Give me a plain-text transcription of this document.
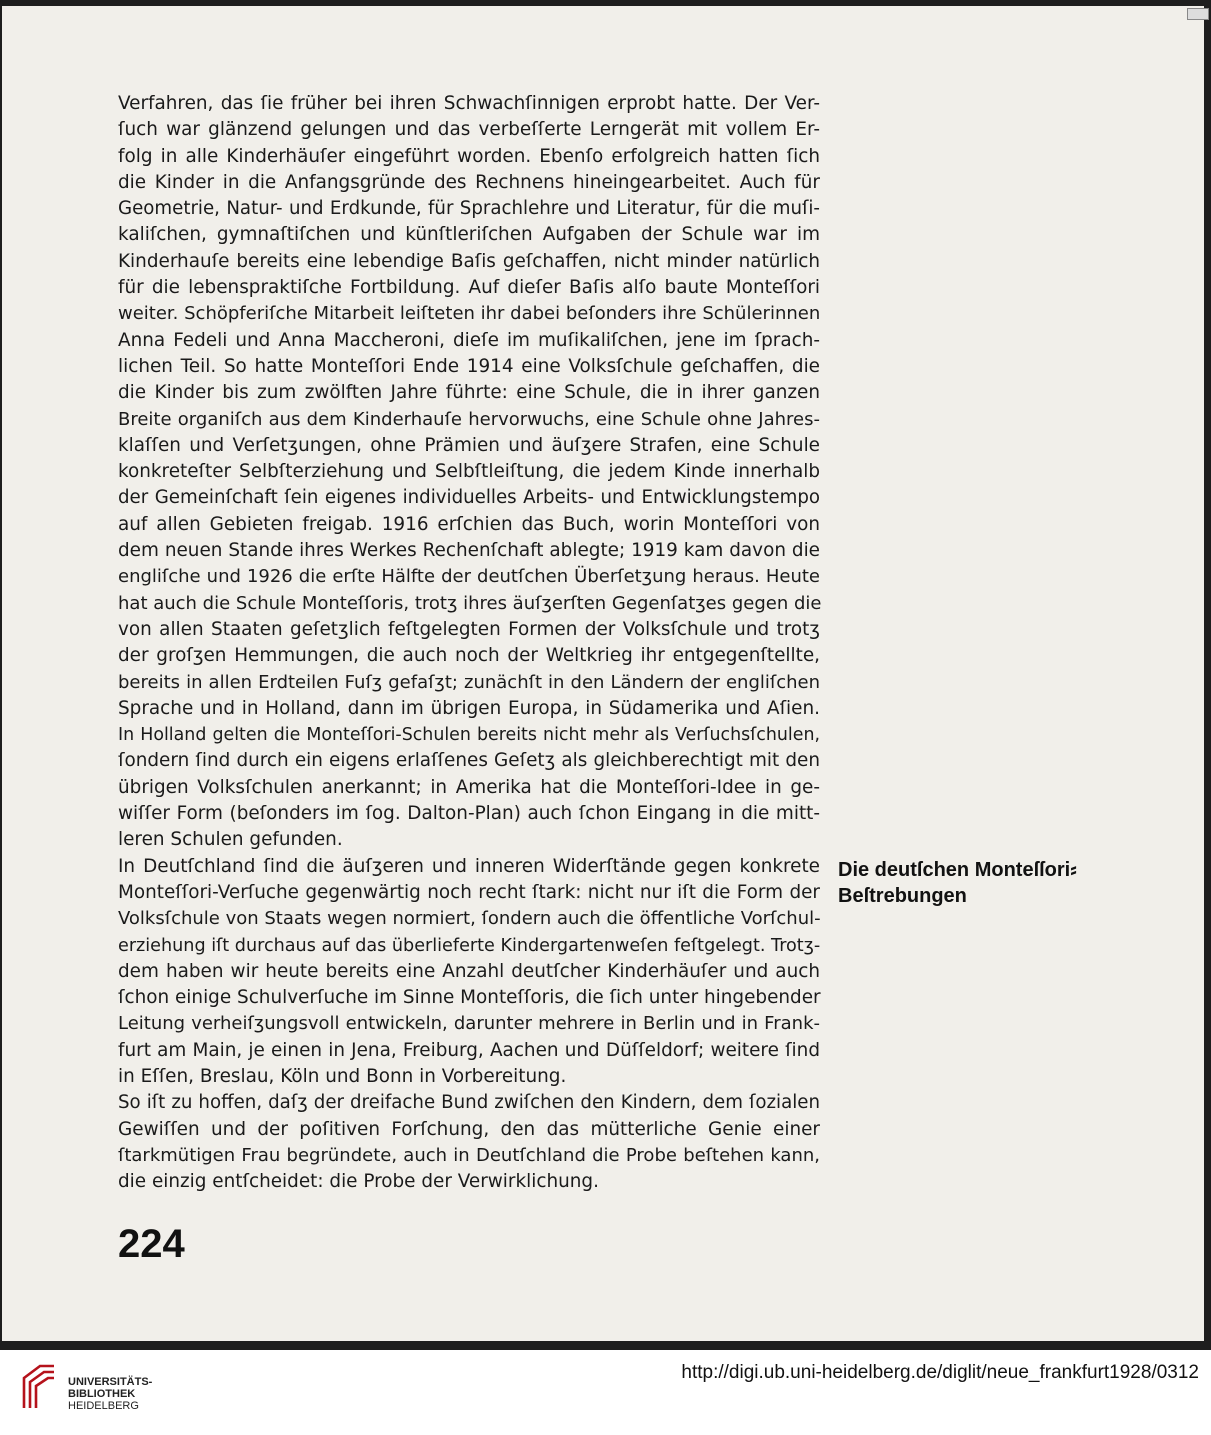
Verfahren, das ſie früher bei ihren Schwachſinnigen erprobt hatte. Der Ver-
ſuch war glänzend gelungen und das verbeſſerte Lerngerät mit vollem Er-
folg in alle Kinderhäuſer eingeführt worden. Ebenſo erfolgreich hatten ſich
die Kinder in die Anfangsgründe des Rechnens hineingearbeitet. Auch für
Geometrie, Natur- und Erdkunde, für Sprachlehre und Literatur, für die muſi-
kaliſchen, gymnaſtiſchen und künſtleriſchen Aufgaben der Schule war im
Kinderhauſe bereits eine lebendige Baſis geſchaffen, nicht minder natürlich
für die lebenspraktiſche Fortbildung. Auf dieſer Baſis alſo baute Monteſſori
weiter. Schöpferiſche Mitarbeit leiſteten ihr dabei beſonders ihre Schülerinnen
Anna Fedeli und Anna Maccheroni, dieſe im muſikaliſchen, jene im ſprach-
lichen Teil. So hatte Monteſſori Ende 1914 eine Volksſchule geſchaffen, die
die Kinder bis zum zwölften Jahre führte: eine Schule, die in ihrer ganzen
Breite organiſch aus dem Kinderhauſe hervorwuchs, eine Schule ohne Jahres-
klaſſen und Verſetʒungen, ohne Prämien und äuſʒere Strafen, eine Schule
konkreteſter Selbſterziehung und Selbſtleiſtung, die jedem Kinde innerhalb
der Gemeinſchaft ſein eigenes individuelles Arbeits- und Entwicklungstempo
auf allen Gebieten freigab. 1916 erſchien das Buch, worin Monteſſori von
dem neuen Stande ihres Werkes Rechenſchaft ablegte; 1919 kam davon die
engliſche und 1926 die erſte Hälfte der deutſchen Überſetʒung heraus. Heute
hat auch die Schule Monteſſoris, trotʒ ihres äuſʒerſten Gegenſatʒes gegen die
von allen Staaten geſetʒlich feſtgelegten Formen der Volksſchule und trotʒ
der groſʒen Hemmungen, die auch noch der Weltkrieg ihr entgegenſtellte,
bereits in allen Erdteilen Fuſʒ gefaſʒt; zunächſt in den Ländern der engliſchen
Sprache und in Holland, dann im übrigen Europa, in Südamerika und Aſien.
In Holland gelten die Monteſſori-Schulen bereits nicht mehr als Verſuchsſchulen,
ſondern ſind durch ein eigens erlaſſenes Geſetʒ als gleichberechtigt mit den
übrigen Volksſchulen anerkannt; in Amerika hat die Monteſſori-Idee in ge-
wiſſer Form (beſonders im ſog. Dalton-Plan) auch ſchon Eingang in die mitt-
leren Schulen gefunden.
In Deutſchland ſind die äuſʒeren und inneren Widerſtände gegen konkrete
Monteſſori-Verſuche gegenwärtig noch recht ſtark: nicht nur iſt die Form der
Volksſchule von Staats wegen normiert, ſondern auch die öffentliche Vorſchul-
erziehung iſt durchaus auf das überlieferte Kindergartenweſen feſtgelegt. Trotʒ-
dem haben wir heute bereits eine Anzahl deutſcher Kinderhäuſer und auch
ſchon einige Schulverſuche im Sinne Monteſſoris, die ſich unter hingebender
Leitung verheiſʒungsvoll entwickeln, darunter mehrere in Berlin und in Frank-
furt am Main, je einen in Jena, Freiburg, Aachen und Düſſeldorf; weitere ſind
in Eſſen, Breslau, Köln und Bonn in Vorbereitung.
So iſt zu hoffen, daſʒ der dreifache Bund zwiſchen den Kindern, dem ſozialen
Gewiſſen und der poſitiven Forſchung, den das mütterliche Genie einer
ſtarkmütigen Frau begründete, auch in Deutſchland die Probe beſtehen kann,
die einzig entſcheidet: die Probe der Verwirklichung.
Die deutſchen Monteſſori⸗
Beſtrebungen
224
UNIVERSITÄTS-
BIBLIOTHEK
HEIDELBERG
http://digi.ub.uni-heidelberg.de/diglit/neue_frankfurt1928/0312
